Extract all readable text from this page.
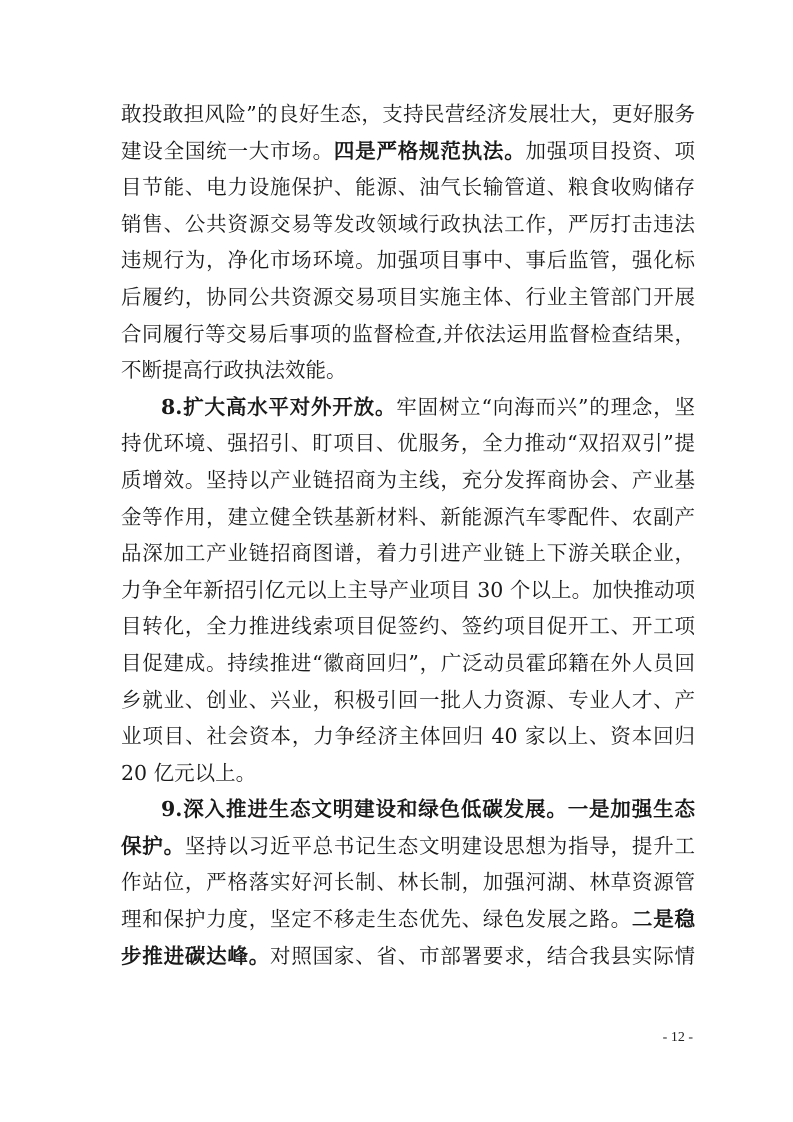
敢投敢担风险”的良好生态，支持民营经济发展壮大，更好服务
建设全国统一大市场。四是严格规范执法。加强项目投资、项
目节能、电力设施保护、能源、油气长输管道、粮食收购储存
销售、公共资源交易等发改领域行政执法工作，严厉打击违法
违规行为，净化市场环境。加强项目事中、事后监管，强化标
后履约，协同公共资源交易项目实施主体、行业主管部门开展
合同履行等交易后事项的监督检查,并依法运用监督检查结果，
不断提高行政执法效能。
8.扩大高水平对外开放。牢固树立“向海而兴”的理念，坚
持优环境、强招引、盯项目、优服务，全力推动“双招双引”提
质增效。坚持以产业链招商为主线，充分发挥商协会、产业基
金等作用，建立健全铁基新材料、新能源汽车零配件、农副产
品深加工产业链招商图谱，着力引进产业链上下游关联企业，
力争全年新招引亿元以上主导产业项目 30 个以上。加快推动项
目转化，全力推进线索项目促签约、签约项目促开工、开工项
目促建成。持续推进“徽商回归”，广泛动员霍邱籍在外人员回
乡就业、创业、兴业，积极引回一批人力资源、专业人才、产
业项目、社会资本，力争经济主体回归 40 家以上、资本回归
20 亿元以上。
9.深入推进生态文明建设和绿色低碳发展。一是加强生态
保护。坚持以习近平总书记生态文明建设思想为指导，提升工
作站位，严格落实好河长制、林长制，加强河湖、林草资源管
理和保护力度，坚定不移走生态优先、绿色发展之路。二是稳
步推进碳达峰。对照国家、省、市部署要求，结合我县实际情
- 12 -
